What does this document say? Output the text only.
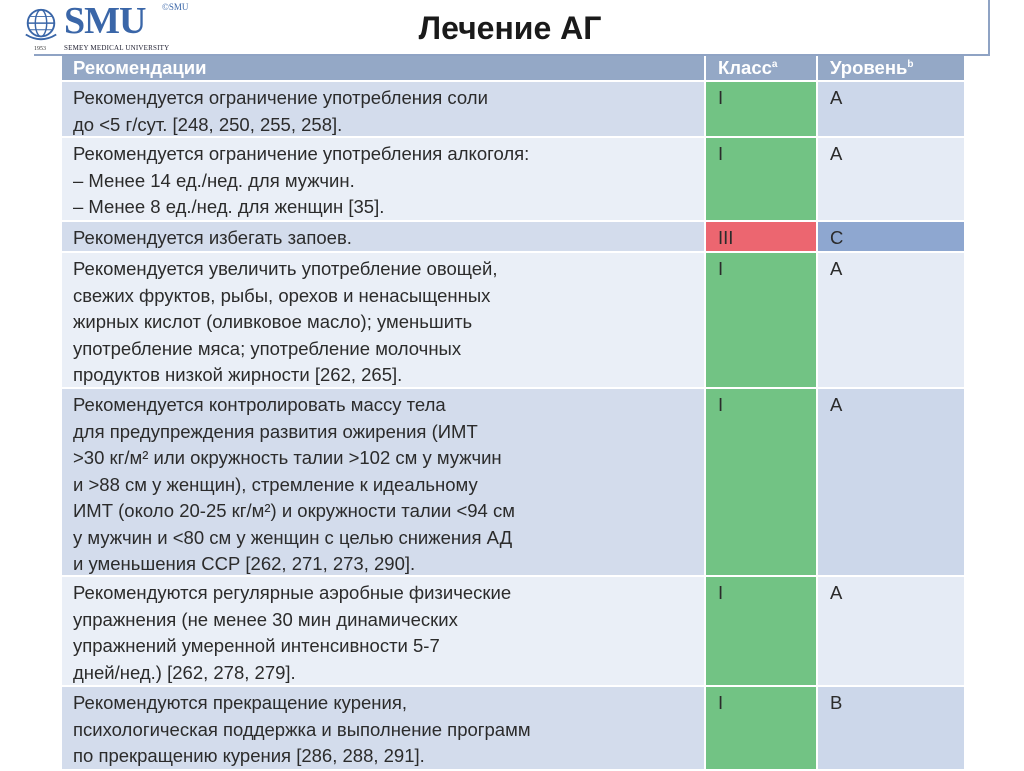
SMU ©SMU
1953	SEMEY MEDICAL UNIVERSITY
Лечение АГ
Рекомендации	Класс$^a$	Уровень$^b$
Рекомендуется ограничение употребления соли
до <5 г/сут. [248, 250, 255, 258].
I	A
Рекомендуется ограничение употребления алкоголя:
– Менее 14 ед./нед. для мужчин.
– Менее 8 ед./нед. для женщин [35].
I	A
Рекомендуется избегать запоев.	III	C
Рекомендуется увеличить употребление овощей,
свежих фруктов, рыбы, орехов и ненасыщенных
жирных кислот (оливковое масло); уменьшить
употребление мяса; употребление молочных
продуктов низкой жирности [262, 265].
I	A
Рекомендуется контролировать массу тела
для предупреждения развития ожирения (ИМТ
>30 кг/м² или окружность талии >102 см у мужчин
и >88 см у женщин), стремление к идеальному
ИМТ (около 20-25 кг/м²) и окружности талии <94 см
у мужчин и <80 см у женщин с целью снижения АД
и уменьшения ССР [262, 271, 273, 290].
I	A
Рекомендуются регулярные аэробные физические
упражнения (не менее 30 мин динамических
упражнений умеренной интенсивности 5-7
дней/нед.) [262, 278, 279].
I	A
Рекомендуются прекращение курения,
психологическая поддержка и выполнение программ
по прекращению курения [286, 288, 291].
I	B
